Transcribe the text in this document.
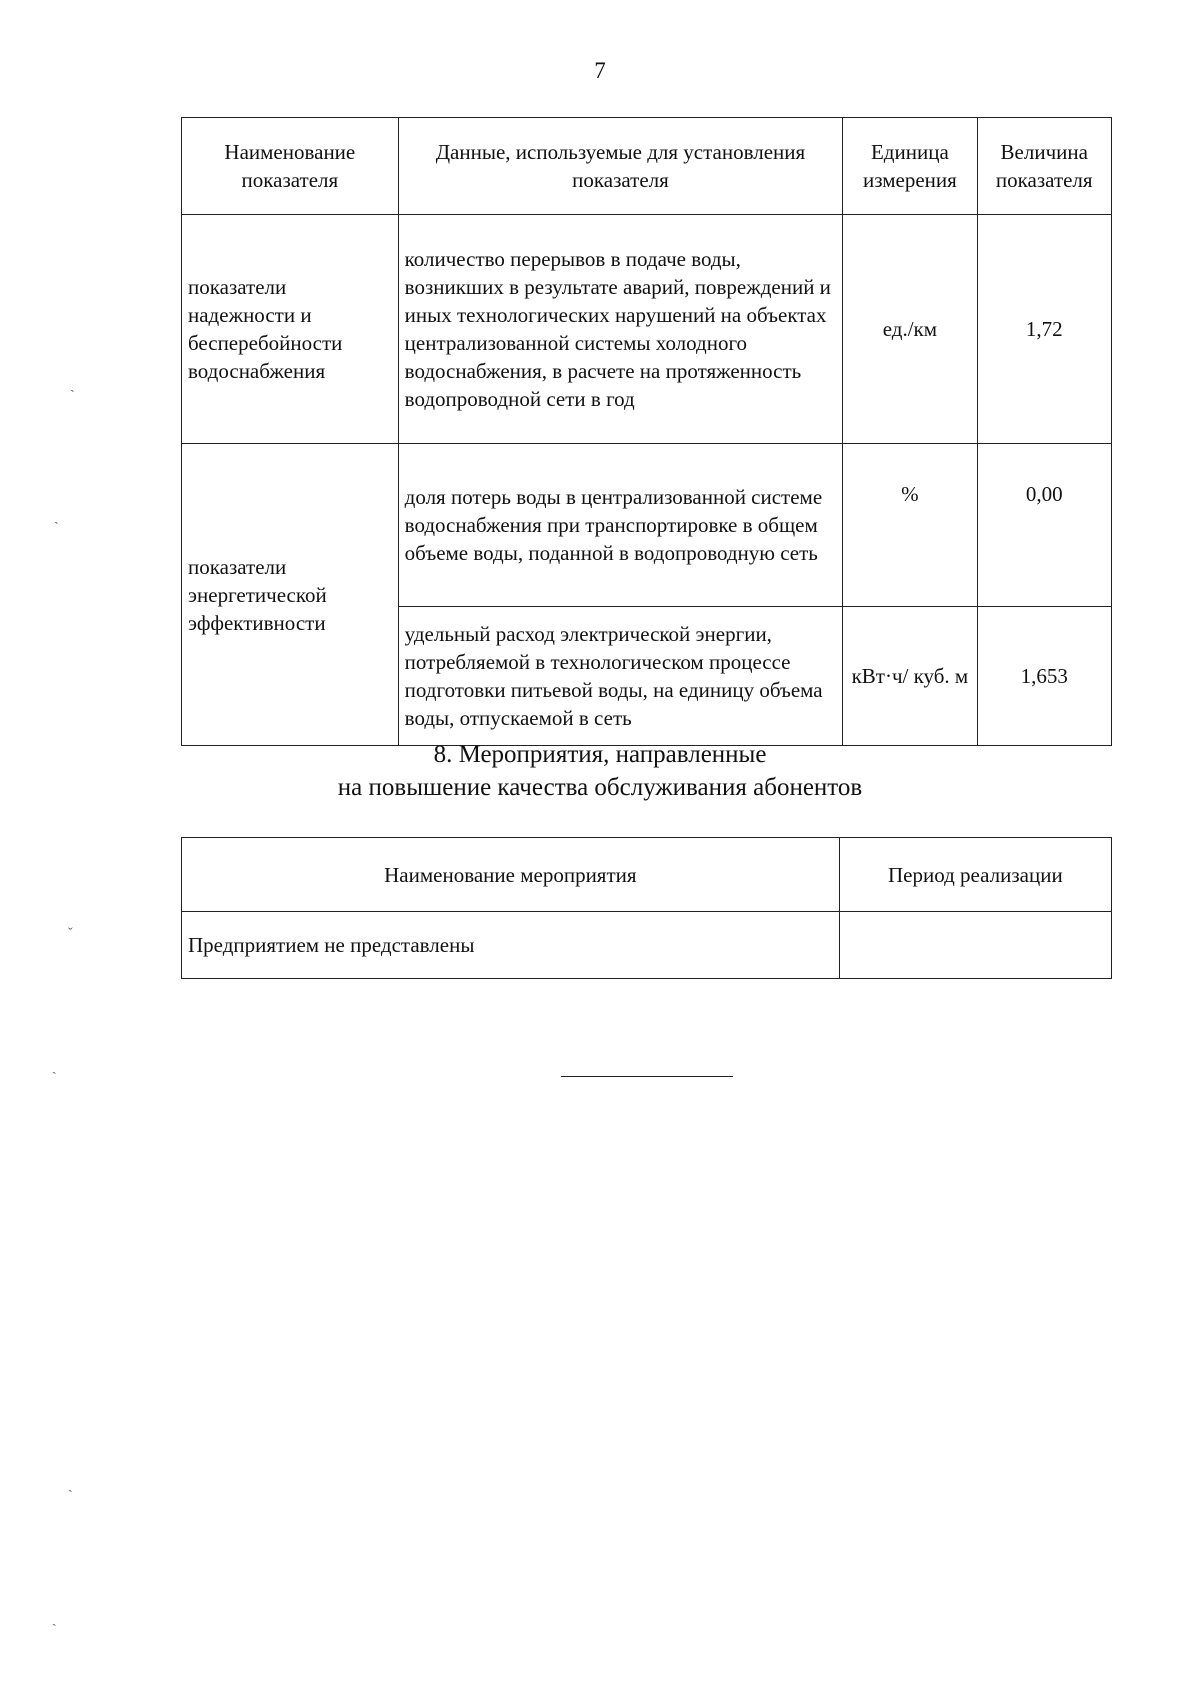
7
Наименование показателя	Данные, используемые для установления показателя	Единица измерения	Величина показателя
показатели надежности и бесперебойности водоснабжения	количество перерывов в подаче воды, возникших в результате аварий, повреждений и иных технологических нарушений на объектах централизованной системы холодного водоснабжения, в расчете на протяженность водопроводной сети в год	ед./км	1,72
показатели энергетической эффективности	доля потерь воды в централизованной системе водоснабжения при транспортировке в общем объеме воды, поданной в водопроводную сеть	%	0,00
	удельный расход электрической энергии, потребляемой в технологическом процессе подготовки питьевой воды, на единицу объема воды, отпускаемой в сеть	кВт·ч/ куб. м	1,653
8. Мероприятия, направленные
на повышение качества обслуживания абонентов
Наименование мероприятия	Период реализации
Предприятием не представлены	
ˏ
ˏ
ˇ
ˏ
ˏ
ˏ
